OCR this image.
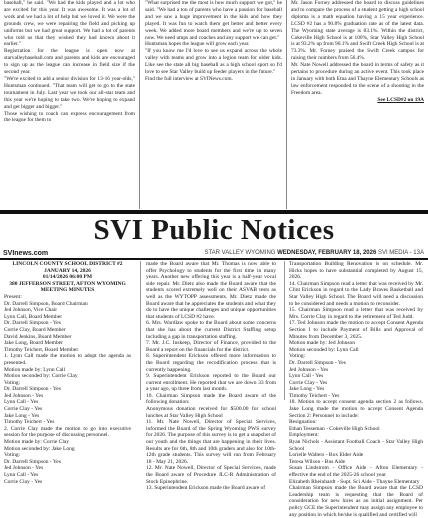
baseball," he said. "We had the kids played and a lot who are excited for this year. It was awesome. It was a lot of work and we had a lot of help but we loved it. We were the grounds crew, we were repairing the field and picking up uniforms but we had great support. We had a lot of parents who told us that they wished they had known about it earlier."

Registration for the league is open now at starvalleybaseball.com and parents and kids are encouraged to sign up as the league can increase in field size if the second year.

"We're excited to add a senior division for 13-16 year-olds," Huntsman continued. "That team will get to go to the state tournament in July. Last year we took our all-star team and this year we're hoping to take two. We're hoping to expand and get bigger and bigger."

Those wishing to coach can express encouragement from the league for them to

"What surprised me the most is how much support we got," he said. "We had a ton of parents who have a passion for baseball and we saw a huge improvement in the kids and how they played. It was fun to watch them get better and better every week. We added more board members and we're up to seven now. We need umps and coaches and any support we can get."

Huntsman hopes the league will grow each year.

"If you know me I'd love to see us expand across the whole valley with teams and grow into a legion team for older kids. Like see the state all big baseball as a high school sport so I'd love to see Star Valley build up feeder players in the future."

Find the full interview at SVINews.com.

Mr. Jason Forney addressed the board to discuss guidelines and to compare the process of a student getting a high school diploma is a math equation having a 15 year experience. LCSD #2 has a 90.8% graduation rate as of the latest data. The Wyoming state average is 83.1%. Within the district, Cokeville High School is at 100%, Star Valley High School is at 93.2% up from 90.1% and Swift Creek High School is at 73.3%. Mr. Forney praised the Swift Creek campus for raising their numbers from 56.4%.

Mr. Nate Nowell addressed the board in terms of safety as it pertains to procedure during an active event. This took place in January with both Etna and Thayne Elementary Schools as law enforcement responded to the scene of a shooting in the Freedom area.

See LCSD#2 on 19A

SVI Public Notices
SVInews.com	STAR VALLEY WYOMING WEDNESDAY, FEBRUARY 18, 2026 SVI MEDIA - 13A
LINCOLN COUNTY SCHOOL DISTRICT #2
JANUARY 14, 2026
01/14/2026 06:00 PM
380 JEFFERSON STREET, AFTON WYOMING
MEETING MINUTES
Present:
Dr. Darrell Simpson, Board Chairman
Jed Johnson, Vice Chair
Lynn Call, Board Member
Dr. Darrell Simpson - Yes
Corrie Clay, Board Member
David Jenkins, Board Member
Jake Long, Board Member
Timothy Teichert, Board Member
1. Lynn Call made the motion to adopt the agenda as presented.
Motion made by: Lynn Call
Motion seconded by: Corrie Clay
Voting:
Dr. Darrell Simpson - Yes
Jed Johnson - Yes
Lynn Call - Yes
Corrie Clay - Yes
Jake Long - Yes
Timothy Teichert - Yes
2. Corrie Clay made the motion to go into executive session for the purpose of discussing personnel.
Motion made by: Corrie Clay
Motion seconded by: Jake Long
Voting:
Dr. Darrell Simpson - Yes
Jed Johnson - Yes
Lynn Call - Yes
Corrie Clay - Yes
made the Board aware that Mr. Thomas is now able to offer Psychology to students for the first time in many years. Another new offering this year is a half-year vocal side repair. Mr. Dietz also made the Board aware that the students scored extremely well on their ASVAB tests as well as the WYTOPP assessments. Mr. Dietz made the Board aware that he appreciates the students and what they do to have the unique challenges and unique opportunities that students of LCSD #2 have.
6. Mrs. Wardlaw spoke to the Board about some concerns that she has about the current District Staffing setup including a gap in transportation staffing.
7. Mr. J.C. Inskeep, Director of Finance, provided to the Board a report on the financials for the district.
8. Superintendent Erickson offered more information to the Board regarding the recodification process that is currently happening.
9. Superintendent Erickson reported to the Board our current enrollment. He reported that we are down 33 from a year ago, up three from last month.
10. Chairman Simpson made the Board aware of the following donation:
Anonymous donation received for $500.00 for school lunches at Star Valley High School
11. Mr. Nate Nowell, Director of Special Services, informed the Board of the Spring Wyoming PWS survey for 2026. The purpose of this survey is to get a snapshot of our youth and the things that are happening in their lives. Results are for 6th, 8th and 10th graders and also for 10th-12th grade students. This survey will run from February 18 - May 21, 2026.
12. Mr. Nate Nowell, Director of Special Services, made the Board aware of Procedure JLC-R Administration of Stock Epinephrine.
13. Superintendent Erickson made the Board aware of
Transportation Building Renovation is on schedule. Mr. Hicks hopes to have substantial completed by August 15, 2026.
14. Chairman Simpson read a letter that was received by Mr. Clint Erickson in regard to the Lady Braves Basketball and Star Valley High School. The Board will need a discussion to be considered and needs a motion to reconsider.
15. Chairman Simpson read a letter that was received by Mrs. Corrie Clay in regard to the retirement of Ted Judd.
17. Ted Johnson made the motion to accept Consent Agenda Section I to include Payment of Bills and Approval of Minutes from December 3, 2025.
Motion made by: Jed Johnson
Motion seconded by: Lynn Call
Voting:
Dr. Darrell Simpson - Yes
Jed Johnson - Yes
Lynn Call - Yes
Corrie Clay - Yes
Jake Long - Yes
Timothy Teichert - Yes
18. Motion to accept consent agenda section 2 as follows. Jake Long made the motion to accept Consent Agenda Section 2: Personnel to include:
Resignation:
Ethan Tesseman - Cokeville High School
Employment:
Ryan Nichols - Assistant Football Coach - Star Valley High School
Lorielle Walters - Box Elder Aide
Teresa Wilson - Bus Aide
Susan Lindstrom - Office Aide - Afton Elementary - effective the end of the 2025-26 school year
Elizabeth Rheinhardt - Supt. Sci Aide - Thayne Elementary
Chairman Simpson made the Board aware that the LCSD Leadership team is requesting that the Board of consideration for new hires as an initial assignment. Per policy GCE the Superintendent may assign any employee to any position in which he/she is qualified and certified will
